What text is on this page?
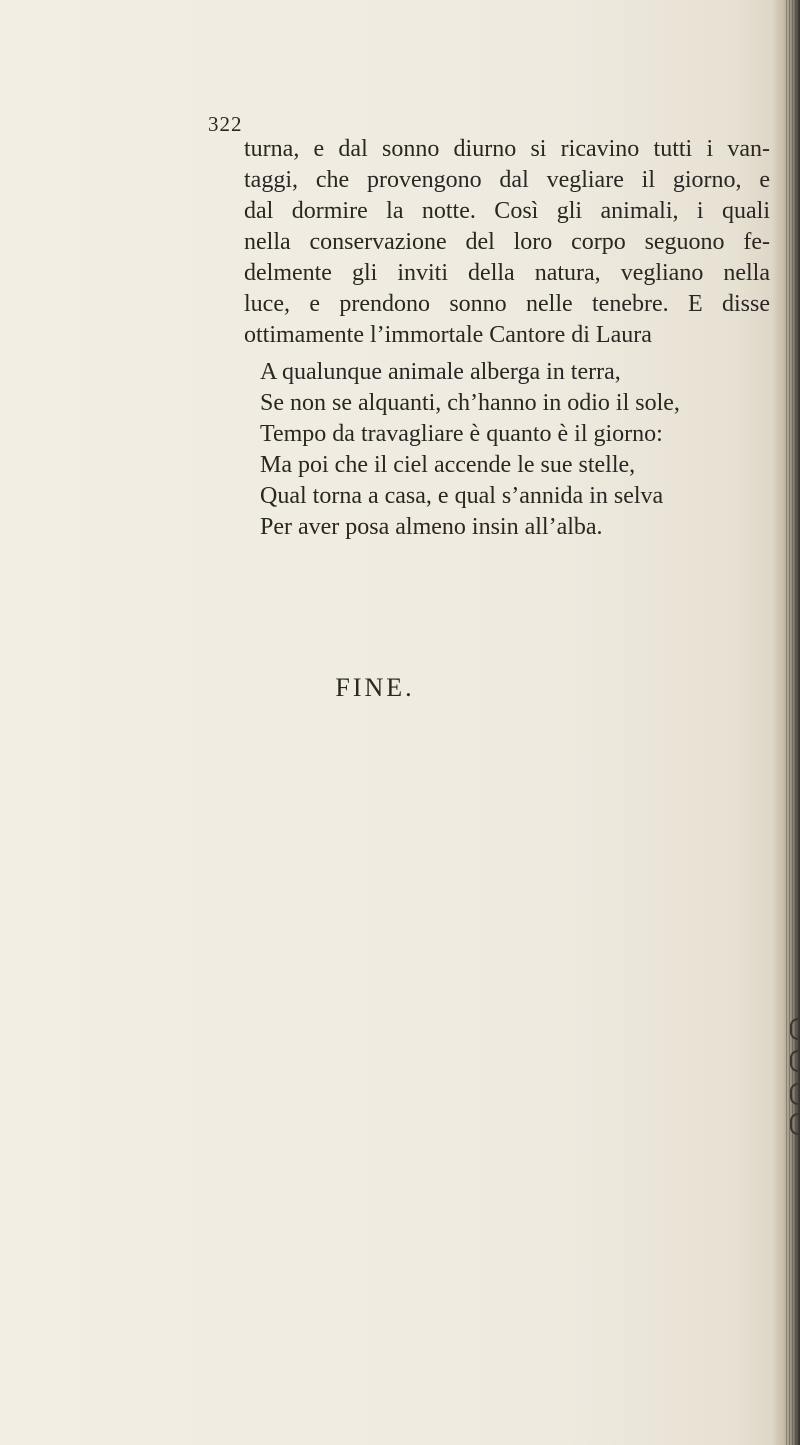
322
turna, e dal sonno diurno si ricavino tutti i van-
taggi, che provengono dal vegliare il giorno, e
dal dormire la notte. Così gli animali, i quali
nella conservazione del loro corpo seguono fe-
delmente gli inviti della natura, vegliano nella
luce, e prendono sonno nelle tenebre. E disse
ottimamente l’immortale Cantore di Laura
A qualunque animale alberga in terra,
Se non se alquanti, ch’hanno in odio il sole,
Tempo da travagliare è quanto è il giorno:
Ma poi che il ciel accende le sue stelle,
Qual torna a casa, e qual s’annida in selva
Per aver posa almeno insin all’alba.
FINE.
